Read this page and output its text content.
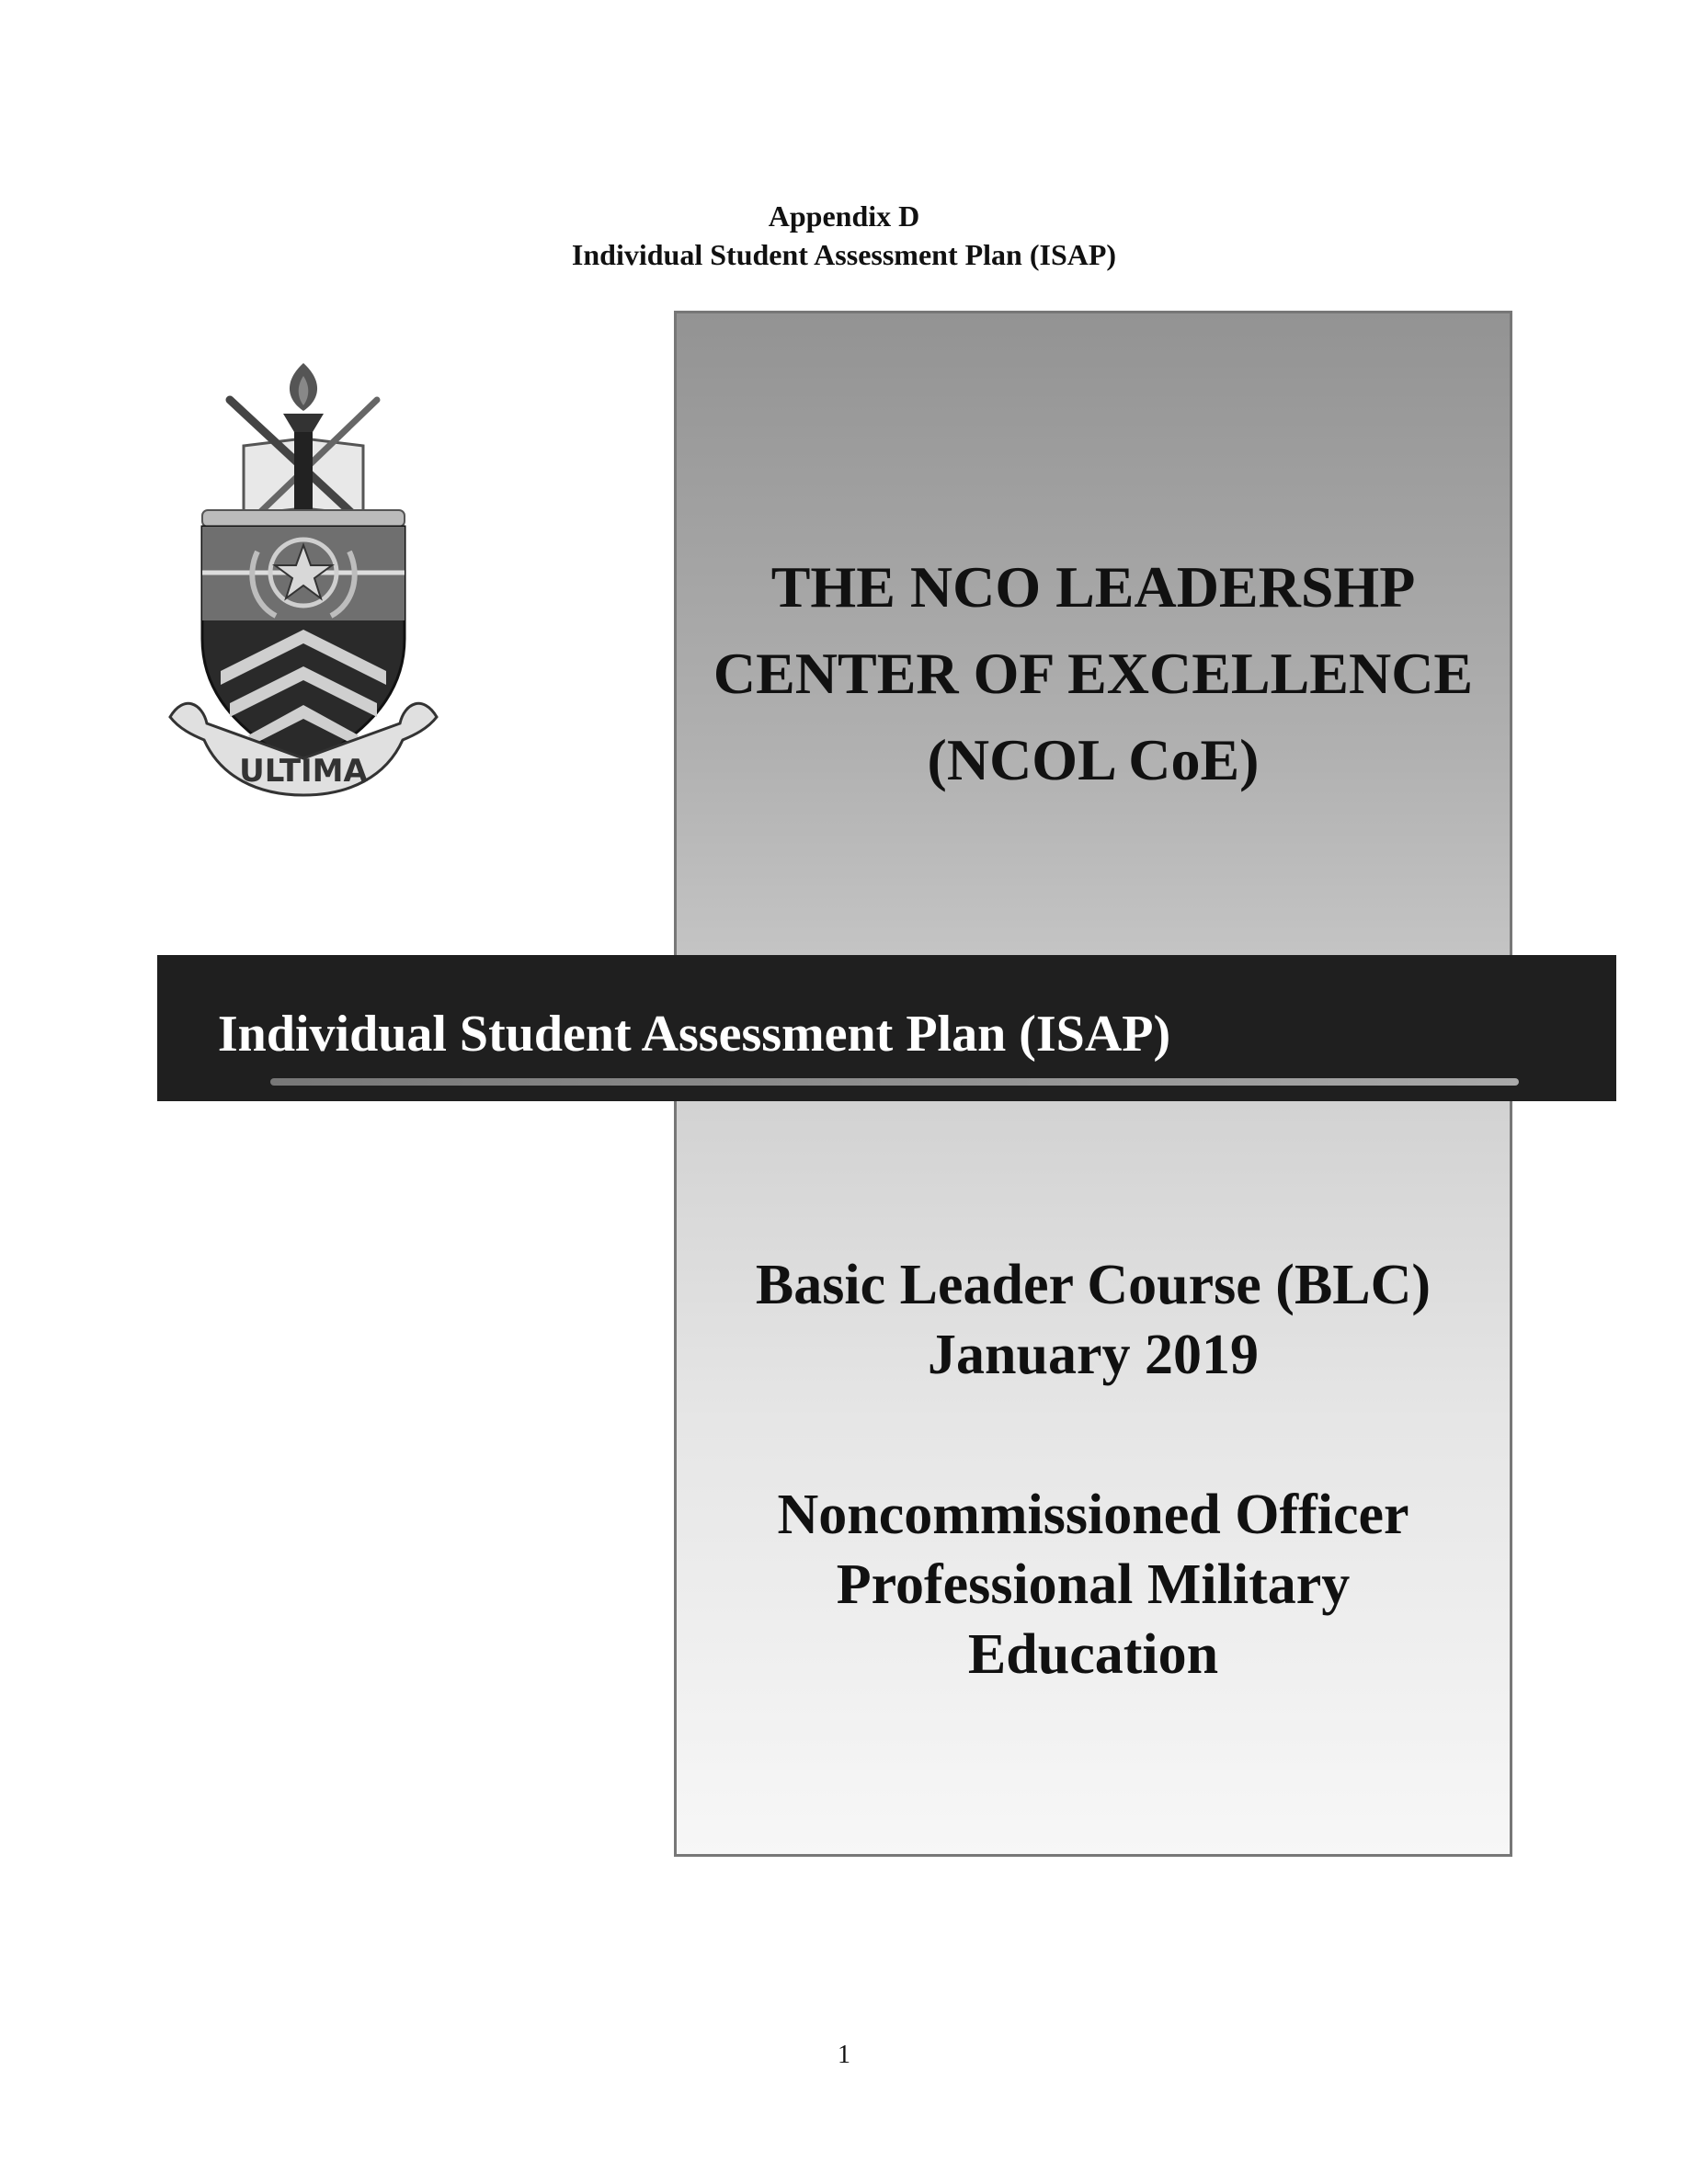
Appendix D
Individual Student Assessment Plan (ISAP)
ULTIMA
THE NCO LEADERSHP
CENTER OF EXCELLENCE
(NCOL CoE)
Individual Student Assessment Plan (ISAP)
Basic Leader Course (BLC)
January 2019
Noncommissioned Officer
Professional Military
Education
1
